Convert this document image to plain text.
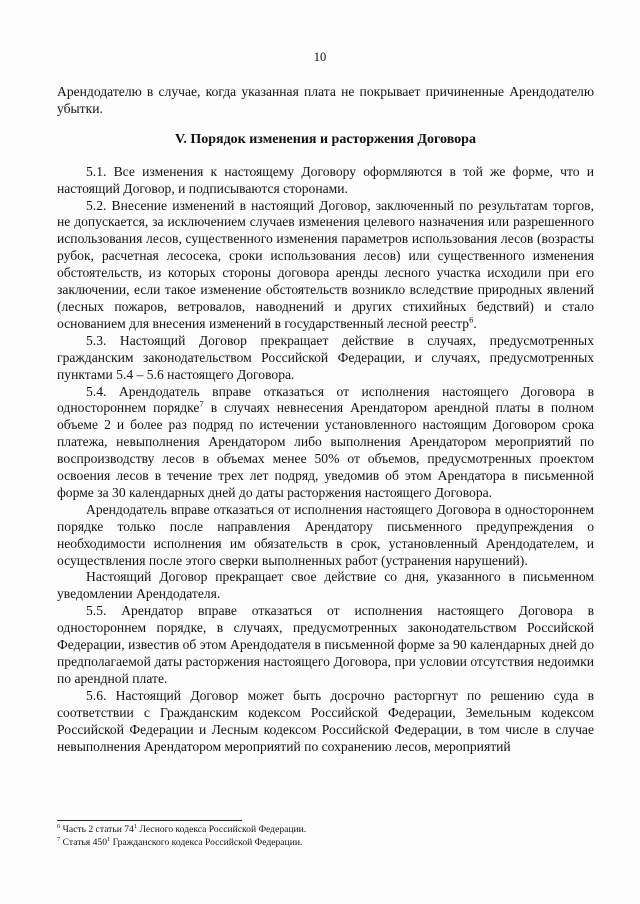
10

Арендодателю в случае, когда указанная плата не покрывает причиненные Арендодателю убытки.

V. Порядок изменения и расторжения Договора

5.1. Все изменения к настоящему Договору оформляются в той же форме, что и настоящий Договор, и подписываются сторонами.

5.2. Внесение изменений в настоящий Договор, заключенный по результатам торгов, не допускается, за исключением случаев изменения целевого назначения или разрешенного использования лесов, существенного изменения параметров использования лесов (возрасты рубок, расчетная лесосека, сроки использования лесов) или существенного изменения обстоятельств, из которых стороны договора аренды лесного участка исходили при его заключении, если такое изменение обстоятельств возникло вследствие природных явлений (лесных пожаров, ветровалов, наводнений и других стихийных бедствий) и стало основанием для внесения изменений в государственный лесной реестр$^6$.

5.3. Настоящий Договор прекращает действие в случаях, предусмотренных гражданским законодательством Российской Федерации, и случаях, предусмотренных пунктами 5.4 – 5.6 настоящего Договора.

5.4. Арендодатель вправе отказаться от исполнения настоящего Договора в одностороннем порядке$^7$ в случаях невнесения Арендатором арендной платы в полном объеме 2 и более раз подряд по истечении установленного настоящим Договором срока платежа, невыполнения Арендатором либо выполнения Арендатором мероприятий по воспроизводству лесов в объемах менее 50% от объемов, предусмотренных проектом освоения лесов в течение трех лет подряд, уведомив об этом Арендатора в письменной форме за 30 календарных дней до даты расторжения настоящего Договора.

Арендодатель вправе отказаться от исполнения настоящего Договора в одностороннем порядке только после направления Арендатору письменного предупреждения о необходимости исполнения им обязательств в срок, установленный Арендодателем, и осуществления после этого сверки выполненных работ (устранения нарушений).

Настоящий Договор прекращает свое действие со дня, указанного в письменном уведомлении Арендодателя.

5.5. Арендатор вправе отказаться от исполнения настоящего Договора в одностороннем порядке, в случаях, предусмотренных законодательством Российской Федерации, известив об этом Арендодателя в письменной форме за 90 календарных дней до предполагаемой даты расторжения настоящего Договора, при условии отсутствия недоимки по арендной плате.

5.6. Настоящий Договор может быть досрочно расторгнут по решению суда в соответствии с Гражданским кодексом Российской Федерации, Земельным кодексом Российской Федерации и Лесным кодексом Российской Федерации, в том числе в случае невыполнения Арендатором мероприятий по сохранению лесов, мероприятий

$^6$ Часть 2 статьи $74^1$ Лесного кодекса Российской Федерации.

$^7$ Статья $450^1$ Гражданского кодекса Российской Федерации.
